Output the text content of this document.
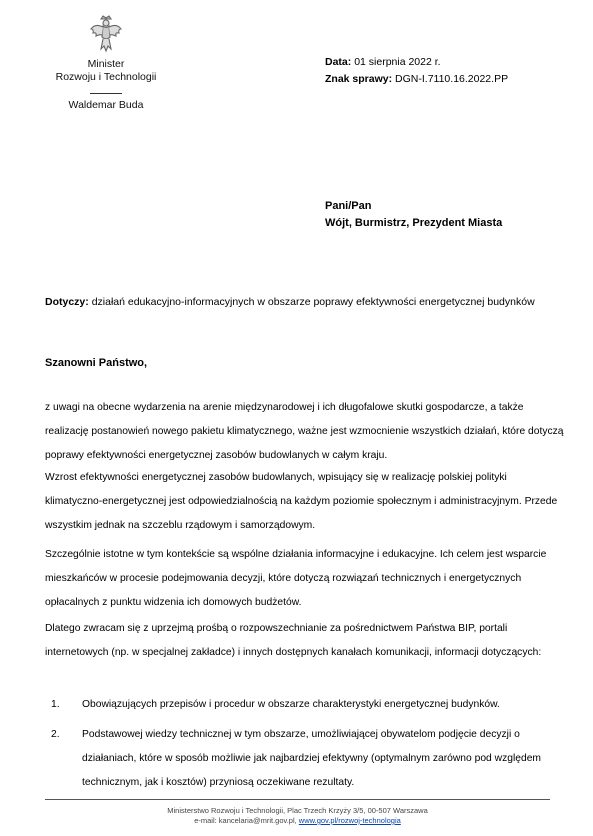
Minister
Rozwoju i Technologii
Waldemar Buda
Data: 01 sierpnia 2022 r.
Znak sprawy: DGN-I.7110.16.2022.PP
Pani/Pan
Wójt, Burmistrz, Prezydent Miasta
Dotyczy: działań edukacyjno-informacyjnych w obszarze poprawy efektywności energetycznej budynków
Szanowni Państwo,
z uwagi na obecne wydarzenia na arenie międzynarodowej i ich długofalowe skutki gospodarcze, a także realizację postanowień nowego pakietu klimatycznego, ważne jest wzmocnienie wszystkich działań, które dotyczą poprawy efektywności energetycznej zasobów budowlanych w całym kraju.
Wzrost efektywności energetycznej zasobów budowlanych, wpisujący się w realizację polskiej polityki klimatyczno-energetycznej jest odpowiedzialnością na każdym poziomie społecznym i administracyjnym. Przede wszystkim jednak na szczeblu rządowym i samorządowym.
Szczególnie istotne w tym kontekście są wspólne działania informacyjne i edukacyjne. Ich celem jest wsparcie mieszkańców w procesie podejmowania decyzji, które dotyczą rozwiązań technicznych i energetycznych opłacalnych z punktu widzenia ich domowych budżetów.
Dlatego zwracam się z uprzejmą prośbą o rozpowszechnianie za pośrednictwem Państwa BIP, portali internetowych (np. w specjalnej zakładce) i innych dostępnych kanałach komunikacji, informacji dotyczących:
1.	Obowiązujących przepisów i procedur w obszarze charakterystyki energetycznej budynków.
2.	Podstawowej wiedzy technicznej w tym obszarze, umożliwiającej obywatelom podjęcie decyzji o działaniach, które w sposób możliwie jak najbardziej efektywny (optymalnym zarówno pod względem technicznym, jak i kosztów) przyniosą oczekiwane rezultaty.
Ministerstwo Rozwoju i Technologii, Plac Trzech Krzyży 3/5, 00-507 Warszawa
e-mail: kancelaria@mrit.gov.pl, www.gov.pl/rozwoj-technologia
